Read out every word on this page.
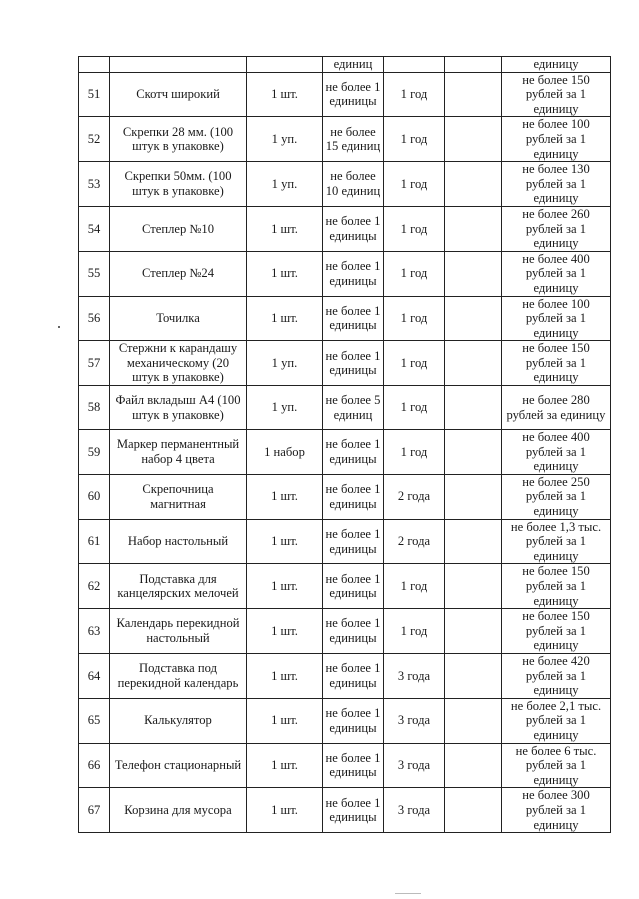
			единиц			единицу
51	Скотч широкий	1 шт.	не более 1 единицы	1 год		не более 150 рублей за 1 единицу
52	Скрепки 28 мм. (100 штук в упаковке)	1 уп.	не более 15 единиц	1 год		не более 100 рублей за 1 единицу
53	Скрепки 50мм. (100 штук в упаковке)	1 уп.	не более 10 единиц	1 год		не более 130 рублей за 1 единицу
54	Степлер №10	1 шт.	не более 1 единицы	1 год		не более 260 рублей за 1 единицу
55	Степлер №24	1 шт.	не более 1 единицы	1 год		не более 400 рублей за 1 единицу
56	Точилка	1 шт.	не более 1 единицы	1 год		не более 100 рублей за 1 единицу
57	Стержни к карандашу механическому (20 штук в упаковке)	1 уп.	не более 1 единицы	1 год		не более 150 рублей за 1 единицу
58	Файл вкладыш А4 (100 штук в упаковке)	1 уп.	не более 5 единиц	1 год		не более 280 рублей за единицу
59	Маркер перманентный набор 4 цвета	1 набор	не более 1 единицы	1 год		не более 400 рублей за 1 единицу
60	Скрепочница магнитная	1 шт.	не более 1 единицы	2 года		не более 250 рублей за 1 единицу
61	Набор настольный	1 шт.	не более 1 единицы	2 года		не более 1,3 тыс. рублей за 1 единицу
62	Подставка для канцелярских мелочей	1 шт.	не более 1 единицы	1 год		не более 150 рублей за 1 единицу
63	Календарь перекидной настольный	1 шт.	не более 1 единицы	1 год		не более 150 рублей за 1 единицу
64	Подставка под перекидной календарь	1 шт.	не более 1 единицы	3 года		не более 420 рублей за 1 единицу
65	Калькулятор	1 шт.	не более 1 единицы	3 года		не более 2,1 тыс. рублей за 1 единицу
66	Телефон стационарный	1 шт.	не более 1 единицы	3 года		не более 6 тыс. рублей за 1 единицу
67	Корзина для мусора	1 шт.	не более 1 единицы	3 года		не более 300 рублей за 1 единицу
